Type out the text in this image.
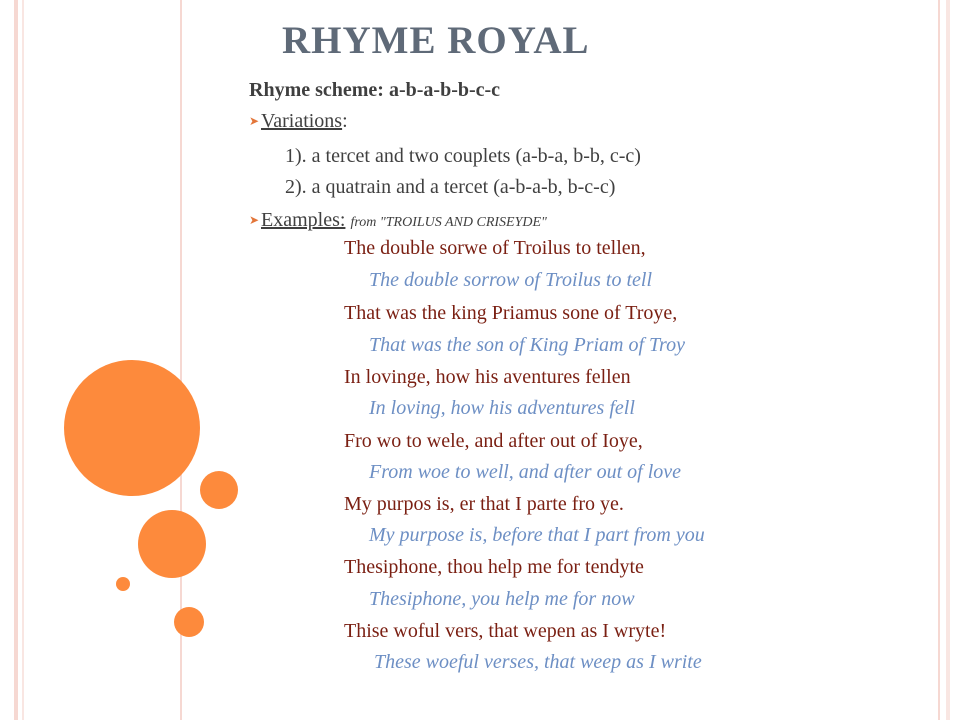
RHYME ROYAL
Rhyme scheme: a-b-a-b-b-c-c
➤Variations:
1). a tercet and two couplets (a-b-a, b-b, c-c)
2). a quatrain and a tercet (a-b-a-b, b-c-c)
➤Examples: from "TROILUS AND CRISEYDE"

The double sorwe of Troilus to tellen,

The double sorrow of Troilus to tell

That was the king Priamus sone of Troye,

That was the son of King Priam of Troy

In lovinge, how his aventures fellen

In loving, how his adventures fell

Fro wo to wele, and after out of Ioye,

From woe to well, and after out of love

My purpos is, er that I parte fro ye.

My purpose is, before that I part from you

Thesiphone, thou help me for tendyte

Thesiphone, you help me for now

Thise woful vers, that wepen as I wryte!

These woeful verses, that weep as I write
